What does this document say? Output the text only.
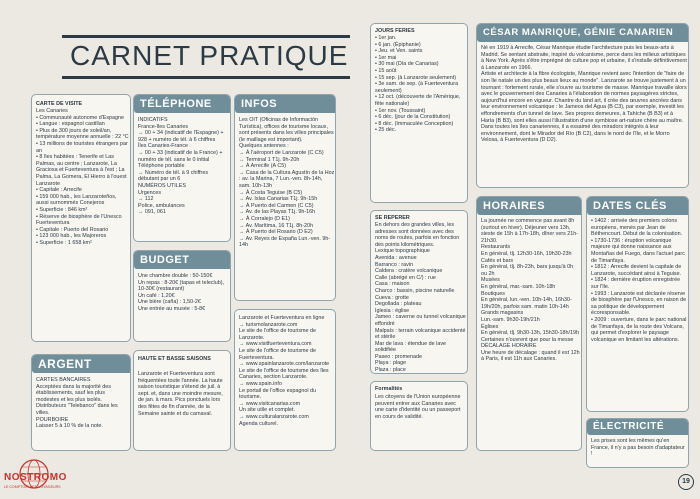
CARNET PRATIQUE
CARTE DE VISITE
Les Canaries
• Communauté autonome d'Espagne
• Langue : espagnol castillan
• Plus de 300 jours de soleil/an, température moyenne annuelle : 22 °C
• 13 millions de touristes étrangers par an
• 8 îles habitées : Tenerife et Las Palmas, au centre ; Lanzarote, La Graciosa et Fuerteventura à l'est ; La Palma, La Gomera, El Hierro à l'ouest
Lanzarote
• Capitale : Arrecife
• 159 000 hab., les Lanzaroteños, aussi surnommés Conejeros
• Superficie : 846 km²
• Réserve de biosphère de l'Unesco
Fuerteventura
• Capitale : Puerto del Rosario
• 123 000 hab., les Majoreros
• Superficie : 1 658 km²
ARGENT
CARTES BANCAIRES
Acceptées dans la majorité des établissements, sauf les plus modestes et les plus isolés. Distributeurs "Telebanco" dans les villes.
POURBOIRE
Laisser 5 à 10 % de la note.
TÉLÉPHONE
INDICATIFS
France-îles Canaries
→ 00 + 34 (indicatif de l'Espagne) + 928 + numéro de tél. à 6 chiffres
Îles Canaries-France
→ 00 + 33 (indicatif de la France) + numéro de tél. sans le 0 initial
Téléphone portable
→ Numéro de tél. à 9 chiffres débutant par un 6
NUMÉROS UTILES
Urgences
→ 112
Police, ambulances
→ 091, 061
BUDGET
Une chambre double : 50-150€
Un repas : 8-20€ (tapas et teleclub), 10-30€ (restaurant)
Un café : 1,20€
Une bière (caña) : 1,50-2€
Une entrée au musée : 5-8€
HAUTE ET BASSE SAISONS
Lanzarote et Fuerteventura sont fréquentées toute l'année. La haute saison touristique s'étend de juil. à sept. et, dans une moindre mesure, de jan. à mars. Pics ponctuels lors des fêtes de fin d'année, de la Semaine sainte et du carnaval.
INFOS
Les OIT (Oficinas de Información Turística), offices de tourisme locaux, sont présents dans les villes principales (le maillage est important).
Quelques antennes :
→ À l'aéroport de Lanzarote (C C5)
→ Terminal 1 T1j. 9h-20h
→ À Arrecife (A C5)
→ Casa de la Cultura Agustín de la Hoz : av. la Marina, 7 Lun.-ven. 8h-14h, sam. 10h-13h
→ À Costa Teguise (B C5)
→ Av. Islas Canarias T1j. 9h-15h
→ À Puerto del Carmen (C C5)
→ Av. de las Playas T1j. 9h-16h
→ À Corralejo (D E1)
→ Av. Marítima, 16 T1j. 8h-20h
→ À Puerto del Rosario (D E2)
→ Av. Reyes de España Lun.-ven. 9h-14h
Lanzarote et Fuerteventura en ligne
→ turismolanzarote.com
Le site de l'office de tourisme de Lanzarote.
→ www.visitfuerteventura.com
Le site de l'office de tourisme de Fuerteventura.
→ www.spainlanzarote.com/lanzarote
Le site de l'office de tourisme des îles Canaries, section Lanzarote.
→ www.spain.info
Le portail de l'office espagnol du tourisme.
→ www.visitcanarias.com
Un site utile et complet.
→ www.culturalanzarote.com
Agenda culturel.
JOURS FÉRIÉS
• 1er jan.
• 6 jan. (Épiphanie)
• Jeu. et Ven. saints
• 1er mai
• 30 mai (Día de Canarias)
• 15 août
• 15 sep. (à Lanzarote seulement)
• 3e sam. de sep. (à Fuerteventura seulement)
• 12 oct. (découverte de l'Amérique, fête nationale)
• 1er nov. (Toussaint)
• 6 déc. (jour de la Constitution)
• 8 déc. (Immaculée Conception)
• 25 déc.
SE REPÉRER
En dehors des grandes villes, les adresses sont données avec des noms de routes, parfois en fonction des points kilométriques.
Lexique topographique
Avenida : avenue
Barranco : ravin
Caldera : cratère volcanique
Calle (abrégé en C/) : rue
Casa : maison
Charco : bassin, piscine naturelle
Cueva : grotte
Degollada : plateau
Iglesia : église
Jameo : caverne ou tunnel volcanique effondré
Malpaís : terrain volcanique accidenté et stérile
Mar de lava : étendue de lave solidifiée
Paseo : promenade
Playa : plage
Plaza : place
Formalités
Les citoyens de l'Union européenne peuvent entrer aux Canaries avec une carte d'identité ou un passeport en cours de validité.
CÉSAR MANRIQUE, GÉNIE CANARIEN
Né en 1919 à Arrecife, César Manrique étudie l'architecture puis les beaux-arts à Madrid. Se sentant abstraite, inspiré du volcanisme, perce dans les milieux artistiques à New York. Après s'être imprégné de culture pop et urbaine, il s'installe définitivement à Lanzarote en 1966.
Artiste et architecte à la fibre écologiste, Manrique revient avec l'intention de "faire de son île natale un des plus beaux lieux au monde". Lanzarote se trouve justement à un tournant : fortement rurale, elle s'ouvre au tourisme de masse. Manrique travaille alors avec le gouvernement des Canaries à l'élaboration de normes paysagères strictes, aujourd'hui encore en vigueur. Chantre du land art, il crée des œuvres ancrées dans leur environnement volcanique : le Jameos del Agua (B C3), par exemple, investit les effondrements d'un tunnel de lave. Ses propres demeures, à Tahíche (B B3) et à Haría (B B3), sont elles aussi l'illustration d'une symbiose art-nature chère au maître.
Dans toutes les îles canariennes, il a essaimé des miradors intégrés à leur environnement, dont le Mirador del Río (B C2), dans le nord de l'île, et le Morro Velosa, à Fuerteventura (D D2).
HORAIRES
La journée ne commence pas avant 8h (surtout en hiver). Déjeuner vers 13h, sieste de 15h à 17h-18h, dîner vers 21h-21h30.
Restaurants
En général, tlj. 12h30-16h, 19h30-23h
Cafés et bars
En général, tlj. 8h-23h, bars jusqu'à 0h ou 2h
Musées
En général, mar.-sam. 10h-18h
Boutiques
En général, lun.-ven. 10h-14h, 16h30-19h/20h, parfois sam. matin 10h-14h
Grands magasins
Lun.-sam. 9h30-19h/21h
Églises
En général, tlj. 9h30-13h, 15h30-18h/19h
Certaines n'ouvrent que pour la messe
DÉCALAGE HORAIRE
Une heure de décalage : quand il est 12h à Paris, il est 11h aux Canaries.
DATES CLÉS
• 1402 : arrivée des premiers colons européens, menés par Jean de Béthencourt. Début de la colonisation.
• 1730-1736 : éruption volcanique majeure qui donne naissance aux Montañas del Fuego, dans l'actuel parc de Timanfaya.
• 1812 : Arrecife devient la capitale de Lanzarote, succédant ainsi à Teguise.
• 1824 : dernière éruption enregistrée sur l'île.
• 1993 : Lanzarote est déclarée réserve de biosphère par l'Unesco, en raison de sa politique de développement écoresponsable.
• 2009 : ouverture, dans le parc national de Timanfaya, de la route des Volcans, qui permet d'explorer le paysage volcanique en limitant les altérations.
ÉLECTRICITÉ
Les prises sont les mêmes qu'en France, il n'y a pas besoin d'adaptateur !
NOSTROMO
LE COMPTOIR DES VOYAGEURS
19
